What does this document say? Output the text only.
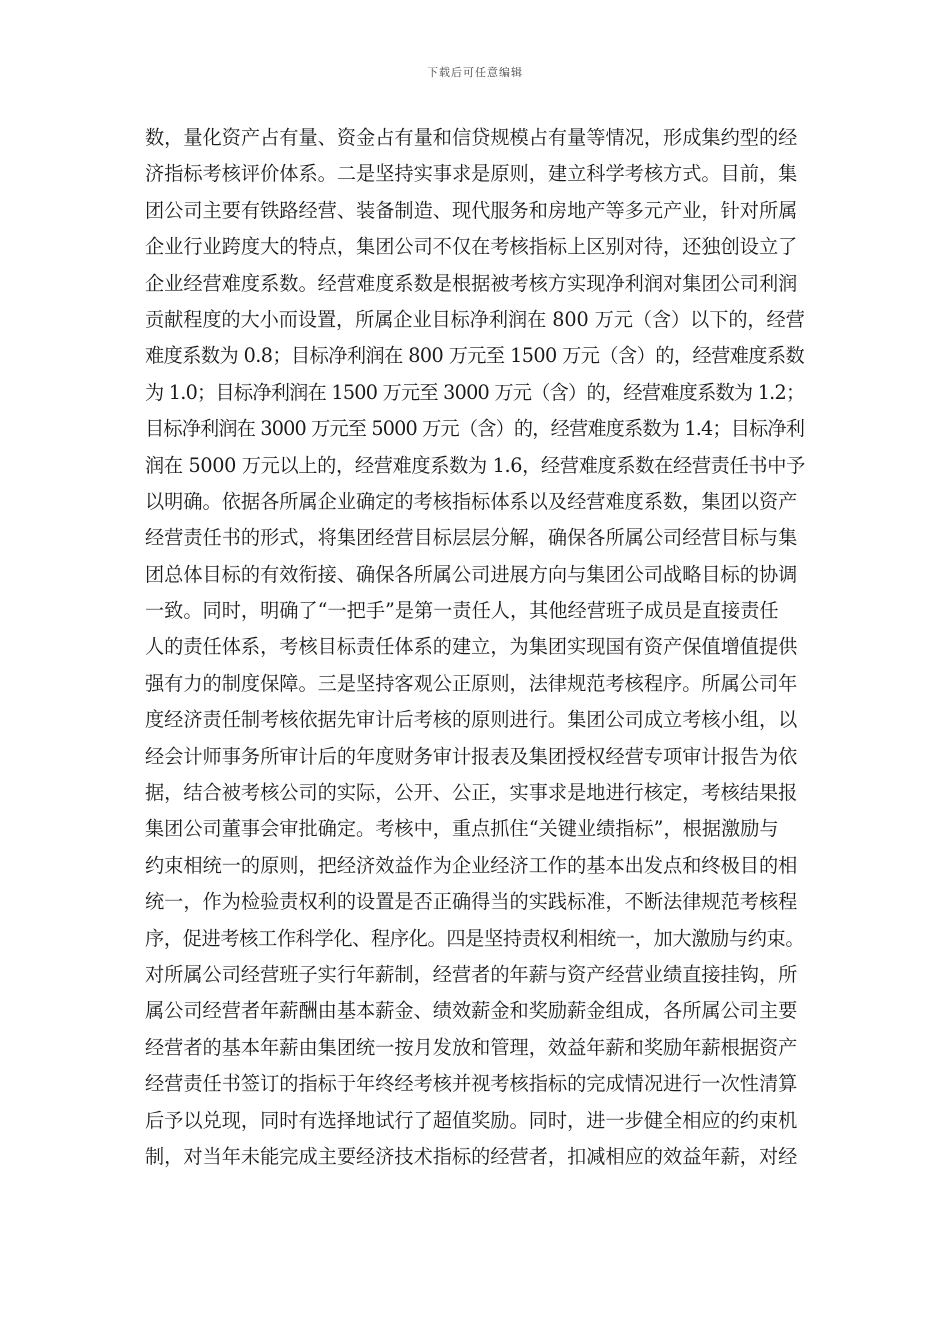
下载后可任意编辑
数，量化资产占有量、资金占有量和信贷规模占有量等情况，形成集约型的经
济指标考核评价体系。二是坚持实事求是原则，建立科学考核方式。目前，集
团公司主要有铁路经营、装备制造、现代服务和房地产等多元产业，针对所属
企业行业跨度大的特点，集团公司不仅在考核指标上区别对待，还独创设立了
企业经营难度系数。经营难度系数是根据被考核方实现净利润对集团公司利润
贡献程度的大小而设置，所属企业目标净利润在 800 万元（含）以下的，经营
难度系数为 0.8；目标净利润在 800 万元至 1500 万元（含）的，经营难度系数
为 1.0；目标净利润在 1500 万元至 3000 万元（含）的，经营难度系数为 1.2；
目标净利润在 3000 万元至 5000 万元（含）的，经营难度系数为 1.4；目标净利
润在 5000 万元以上的，经营难度系数为 1.6，经营难度系数在经营责任书中予
以明确。依据各所属企业确定的考核指标体系以及经营难度系数，集团以资产
经营责任书的形式，将集团经营目标层层分解，确保各所属公司经营目标与集
团总体目标的有效衔接、确保各所属公司进展方向与集团公司战略目标的协调
一致。同时，明确了“一把手”是第一责任人，其他经营班子成员是直接责任
人的责任体系，考核目标责任体系的建立，为集团实现国有资产保值增值提供
强有力的制度保障。三是坚持客观公正原则，法律规范考核程序。所属公司年
度经济责任制考核依据先审计后考核的原则进行。集团公司成立考核小组，以
经会计师事务所审计后的年度财务审计报表及集团授权经营专项审计报告为依
据，结合被考核公司的实际，公开、公正，实事求是地进行核定，考核结果报
集团公司董事会审批确定。考核中，重点抓住“关键业绩指标”，根据激励与
约束相统一的原则，把经济效益作为企业经济工作的基本出发点和终极目的相
统一，作为检验责权利的设置是否正确得当的实践标准，不断法律规范考核程
序，促进考核工作科学化、程序化。四是坚持责权利相统一，加大激励与约束。
对所属公司经营班子实行年薪制，经营者的年薪与资产经营业绩直接挂钩，所
属公司经营者年薪酬由基本薪金、绩效薪金和奖励薪金组成，各所属公司主要
经营者的基本年薪由集团统一按月发放和管理，效益年薪和奖励年薪根据资产
经营责任书签订的指标于年终经考核并视考核指标的完成情况进行一次性清算
后予以兑现，同时有选择地试行了超值奖励。同时，进一步健全相应的约束机
制，对当年未能完成主要经济技术指标的经营者，扣减相应的效益年薪，对经
